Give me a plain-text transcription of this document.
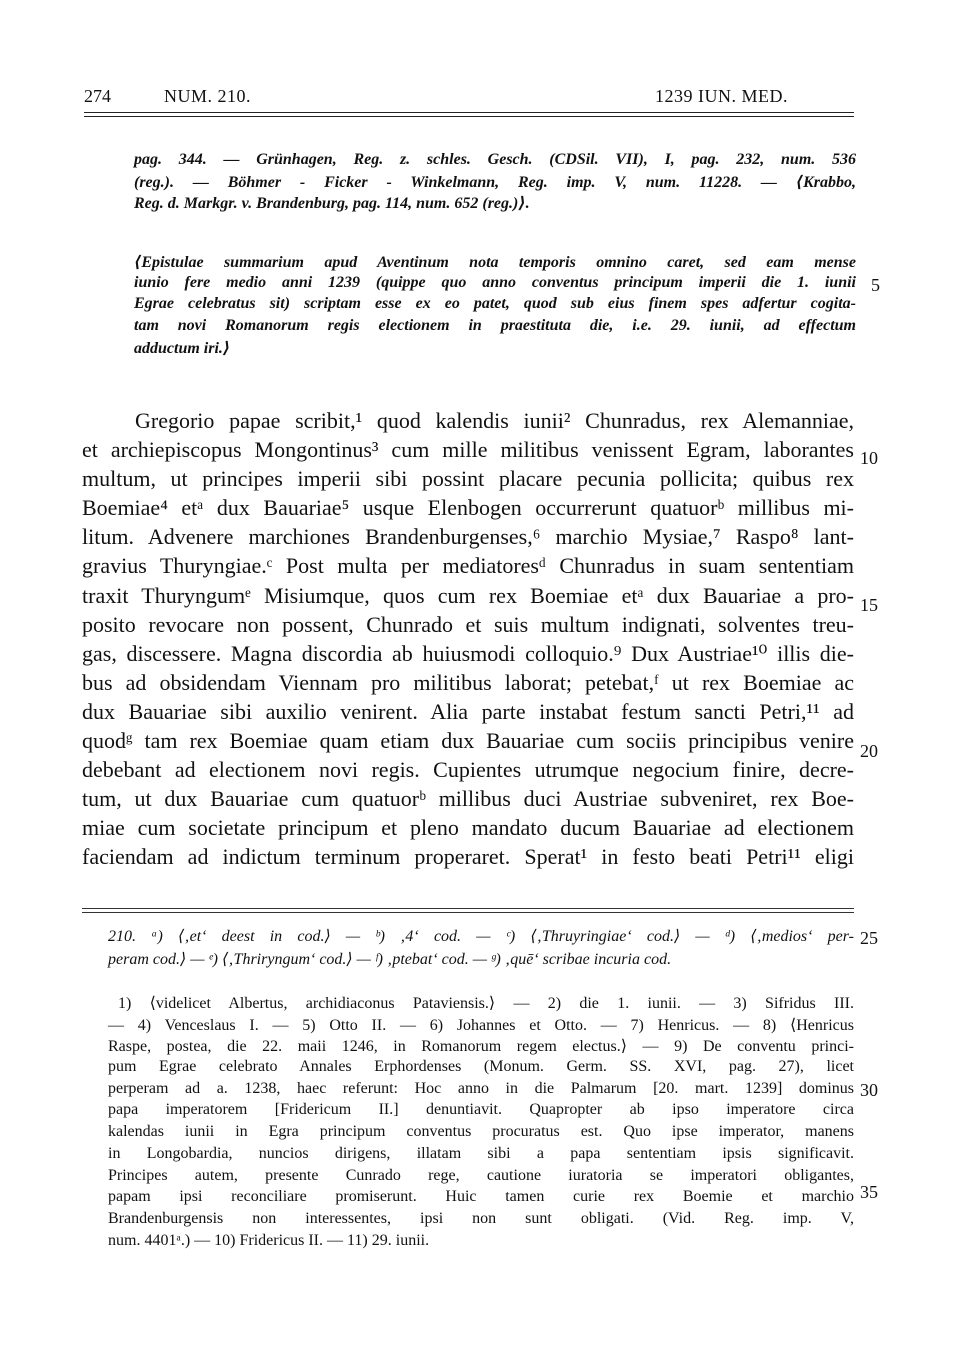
274	NUM. 210.	1239 IUN. MED.
pag. 344. — Grünhagen, Reg. z. schles. Gesch. (CDSil. VII), I, pag. 232, num. 536
(reg.). — Böhmer - Ficker - Winkelmann, Reg. imp. V, num. 11228. — ⟨Krabbo,
Reg. d. Markgr. v. Brandenburg, pag. 114, num. 652 (reg.)⟩.
⟨Epistulae summarium apud Aventinum nota temporis omnino caret, sed eam mense
iunio fere medio anni 1239 (quippe quo anno conventus principum imperii die 1. iunii
Egrae celebratus sit) scriptam esse ex eo patet, quod sub eius finem spes adfertur cogita-
tam novi Romanorum regis electionem in praestituta die, i.e. 29. iunii, ad effectum
adductum iri.⟩
Gregorio papae scribit,¹ quod kalendis iunii² Chunradus, rex Alemanniae,
et archiepiscopus Mongontinus³ cum mille militibus venissent Egram, laborantes
multum, ut principes imperii sibi possint placare pecunia pollicita; quibus rex
Boemiae⁴ etᵃ dux Bauariae⁵ usque Elenbogen occurrerunt quatuorᵇ millibus mi-
litum. Advenere marchiones Brandenburgenses,⁶ marchio Mysiae,⁷ Raspo⁸ lant-
gravius Thuryngiae.ᶜ Post multa per mediatoresᵈ Chunradus in suam sententiam
traxit Thuryngumᵉ Misiumque, quos cum rex Boemiae etᵃ dux Bauariae a pro-
posito revocare non possent, Chunrado et suis multum indignati, solventes treu-
gas, discessere. Magna discordia ab huiusmodi colloquio.⁹ Dux Austriae¹⁰ illis die-
bus ad obsidendam Viennam pro militibus laborat; petebat,ᶠ ut rex Boemiae ac
dux Bauariae sibi auxilio venirent. Alia parte instabat festum sancti Petri,¹¹ ad
quodᵍ tam rex Boemiae quam etiam dux Bauariae cum sociis principibus venire
debebant ad electionem novi regis. Cupientes utrumque negocium finire, decre-
tum, ut dux Bauariae cum quatuorᵇ millibus duci Austriae subveniret, rex Boe-
miae cum societate principum et pleno mandato ducum Bauariae ad electionem
faciendam ad indictum terminum properaret. Sperat¹ in festo beati Petri¹¹ eligi
210. ᵃ) ⟨‚et‘ deest in cod.⟩ — ᵇ) ‚4‘ cod. — ᶜ) ⟨‚Thruyringiae‘ cod.⟩ — ᵈ) ⟨‚medios‘ per-
peram cod.⟩ — ᵉ) ⟨‚Thriryngum‘ cod.⟩ — ᶠ) ‚ptebat‘ cod. — ᵍ) ‚quē‘ scribae incuria cod.
1) ⟨videlicet Albertus, archidiaconus Pataviensis.⟩ — 2) die 1. iunii. — 3) Sifridus III.
— 4) Venceslaus I. — 5) Otto II. — 6) Johannes et Otto. — 7) Henricus. — 8) ⟨Henricus
Raspe, postea, die 22. maii 1246, in Romanorum regem electus.⟩ — 9) De conventu princi-
pum Egrae celebrato Annales Erphordenses (Monum. Germ. SS. XVI, pag. 27), licet
perperam ad a. 1238, haec referunt: Hoc anno in die Palmarum [20. mart. 1239] dominus
papa imperatorem [Fridericum II.] denuntiavit. Quapropter ab ipso imperatore circa
kalendas iunii in Egra principum conventus procuratus est. Quo ipse imperator, manens
in Longobardia, nuncios dirigens, illatam sibi a papa sententiam ipsis significavit.
Principes autem, presente Cunrado rege, cautione iuratoria se imperatori obligantes,
papam ipsi reconciliare promiserunt. Huic tamen curie rex Boemie et marchio
Brandenburgensis non interessentes, ipsi non sunt obligati. (Vid. Reg. imp. V,
num. 4401ᵃ.) — 10) Fridericus II. — 11) 29. iunii.
5
10
15
20
25
30
35
